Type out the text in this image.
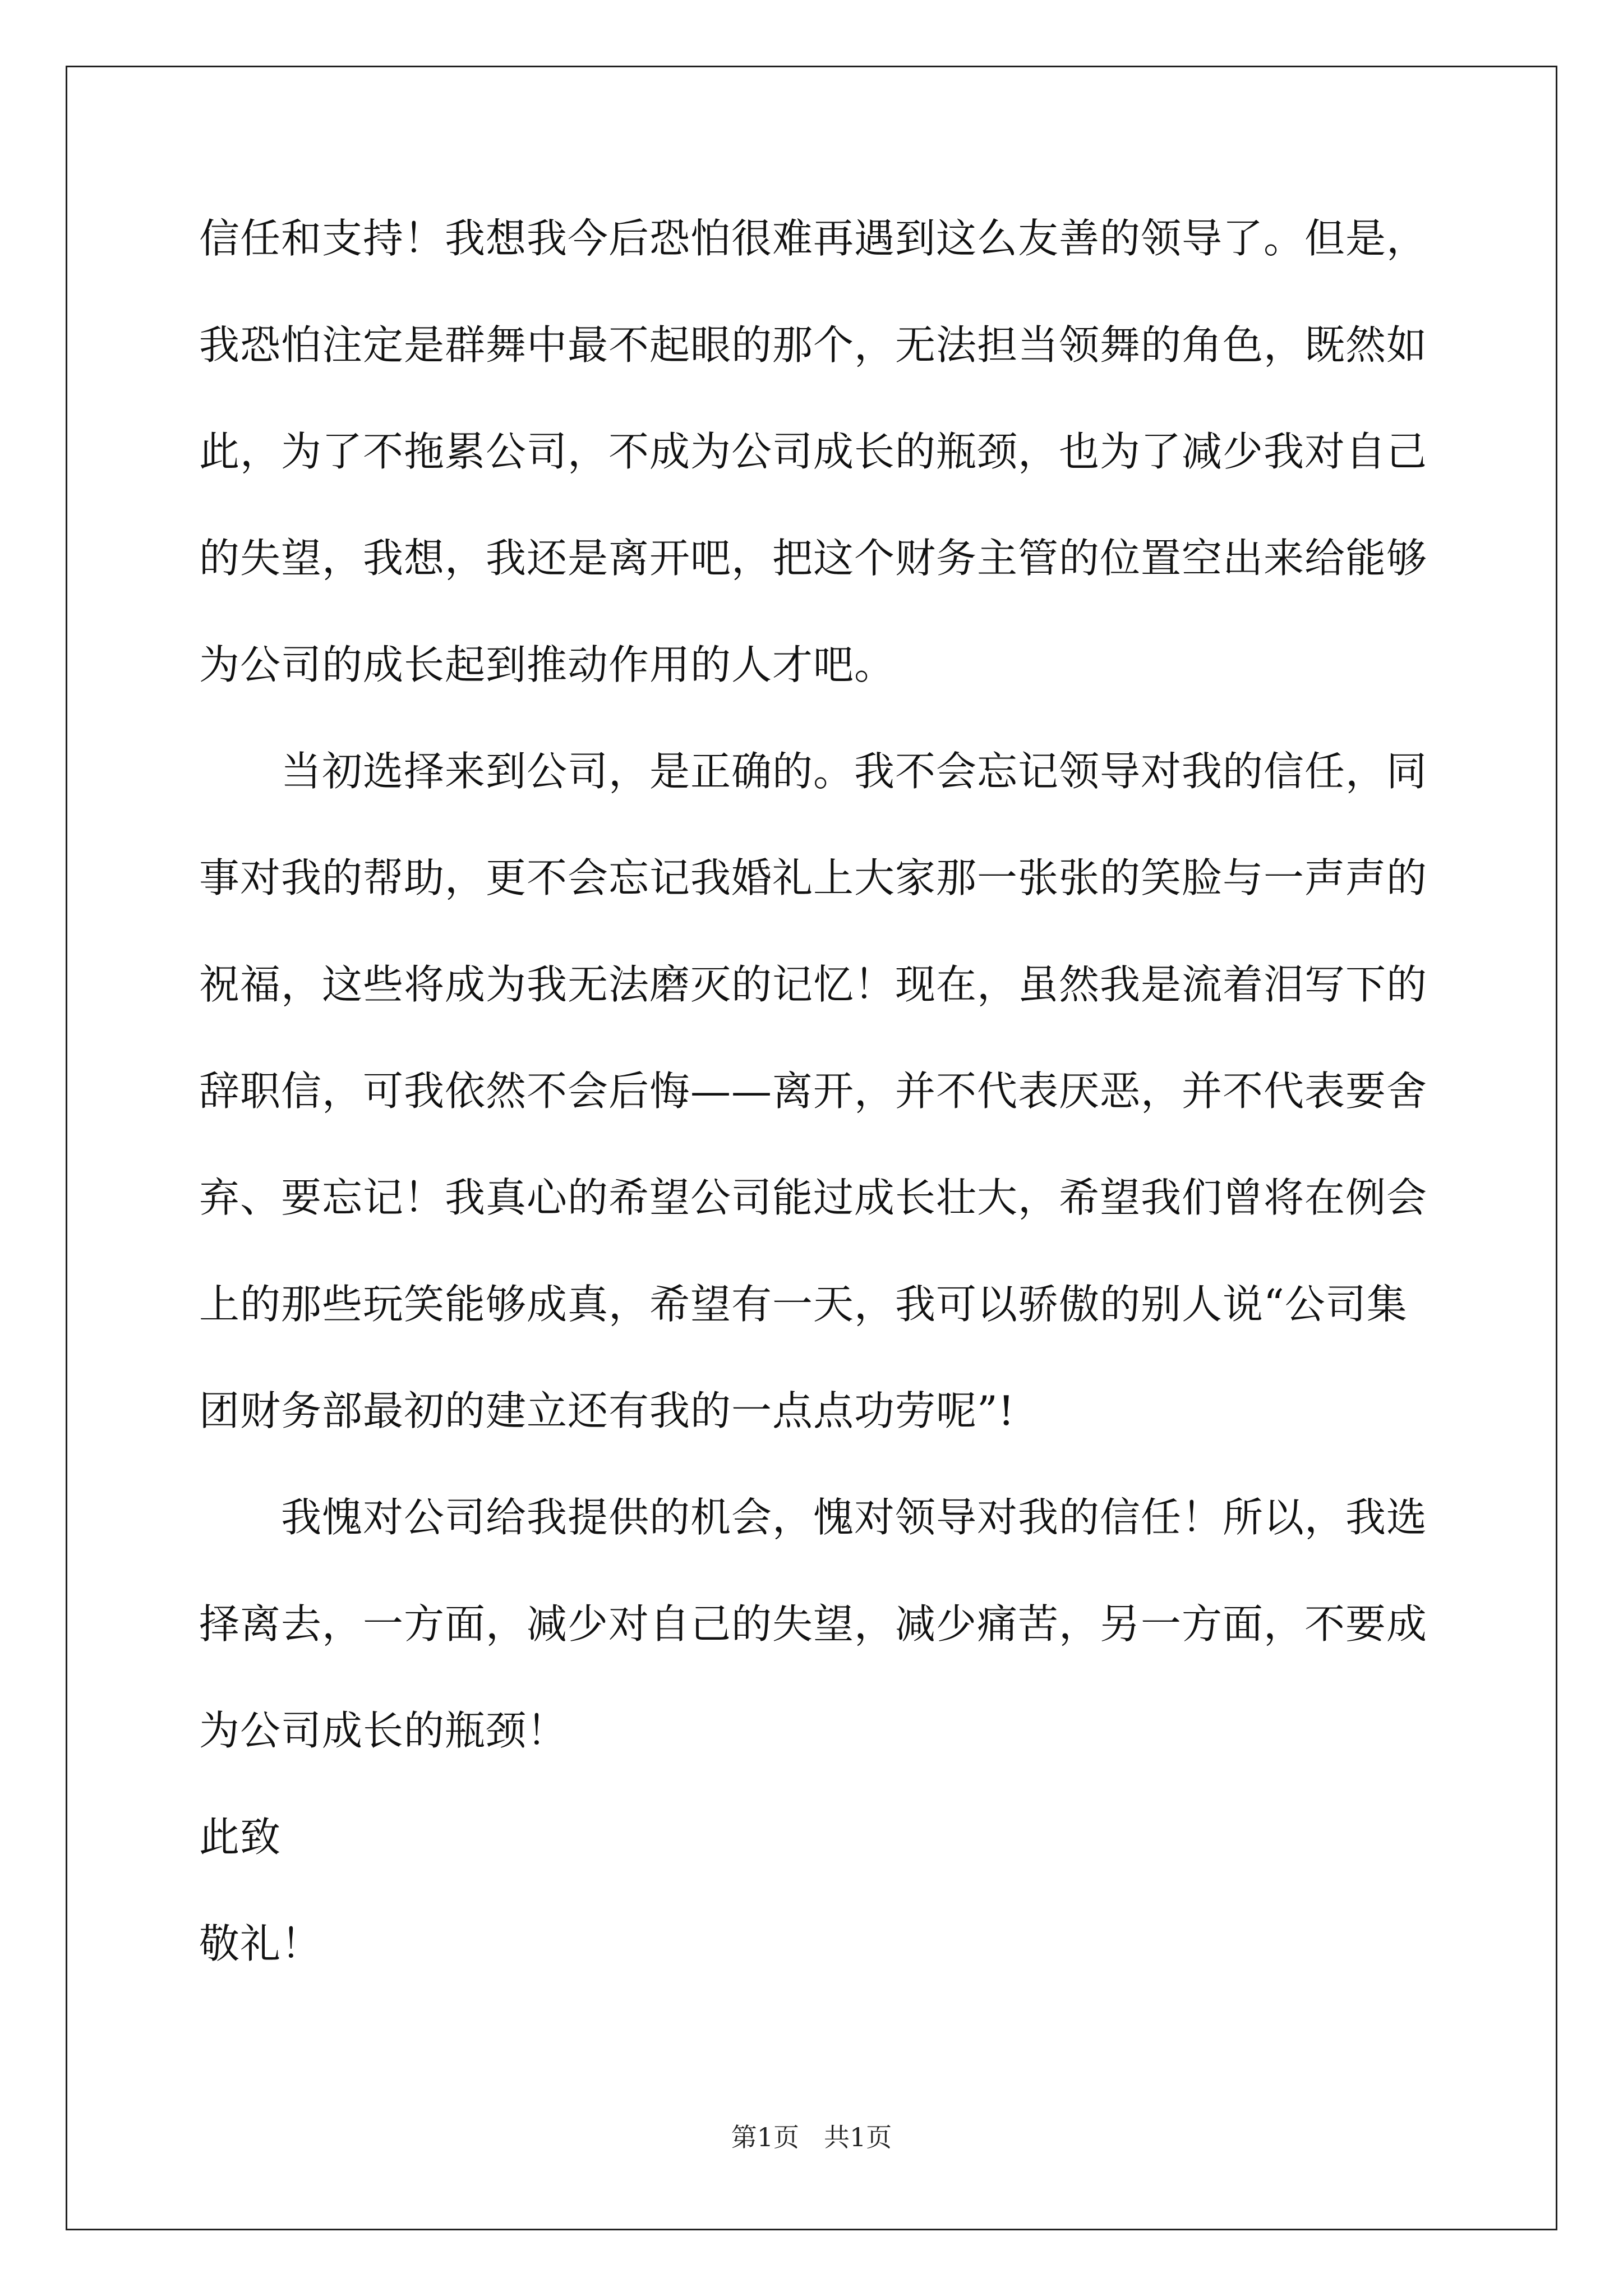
信任和支持！我想我今后恐怕很难再遇到这么友善的领导了。但是，
我恐怕注定是群舞中最不起眼的那个，无法担当领舞的角色，既然如
此，为了不拖累公司，不成为公司成长的瓶颈，也为了减少我对自己
的失望，我想，我还是离开吧，把这个财务主管的位置空出来给能够
为公司的成长起到推动作用的人才吧。
当初选择来到公司，是正确的。我不会忘记领导对我的信任，同
事对我的帮助，更不会忘记我婚礼上大家那一张张的笑脸与一声声的
祝福，这些将成为我无法磨灭的记忆！现在，虽然我是流着泪写下的
辞职信，可我依然不会后悔——离开，并不代表厌恶，并不代表要舍
弃、要忘记！我真心的希望公司能过成长壮大，希望我们曾将在例会
上的那些玩笑能够成真，希望有一天，我可以骄傲的别人说“公司集
团财务部最初的建立还有我的一点点功劳呢”!
我愧对公司给我提供的机会，愧对领导对我的信任！所以，我选
择离去，一方面，减少对自己的失望，减少痛苦，另一方面，不要成
为公司成长的瓶颈！
此致
敬礼！
第1页 共1页
